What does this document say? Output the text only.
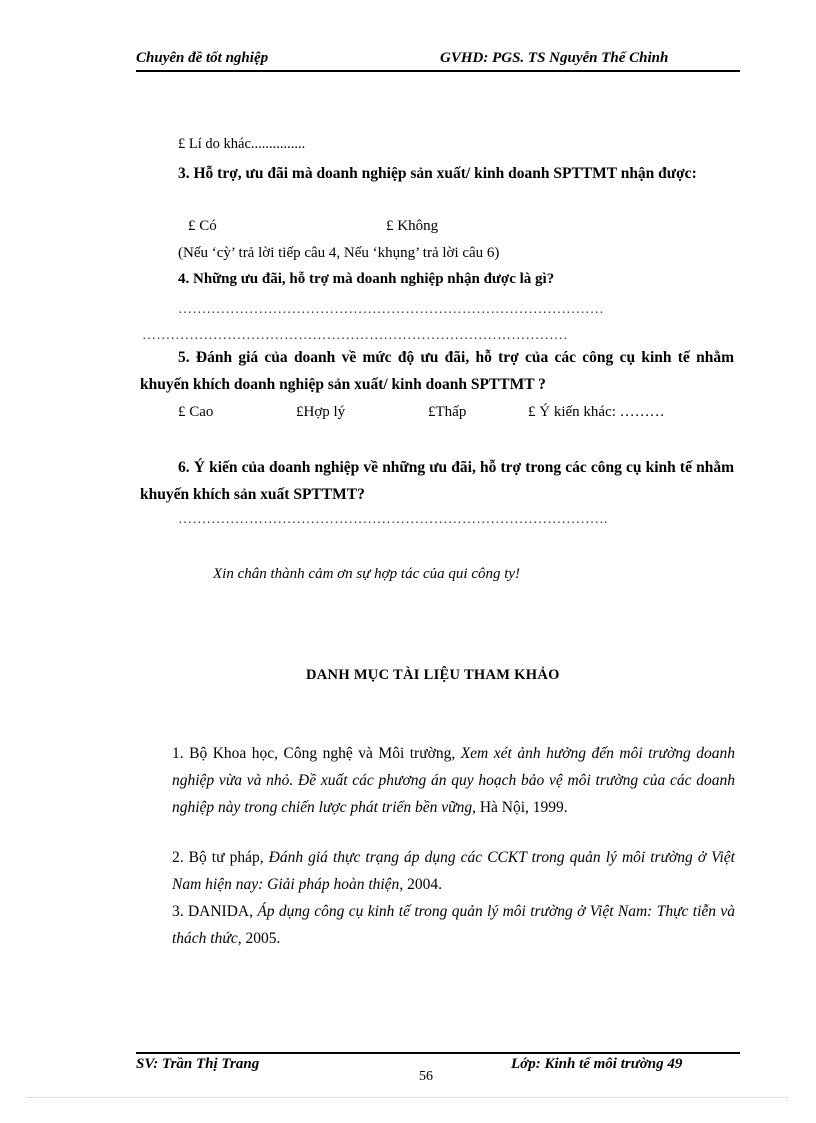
Chuyên đề tốt nghiệp	GVHD: PGS. TS Nguyễn Thế Chinh
£ Lí do khác...............
3. Hỗ trợ, ưu đãi mà doanh nghiệp sản xuất/ kinh doanh SPTTMT nhận được:
£ Có	£ Không
(Nếu ‘cỳ’ trả lời tiếp câu 4, Nếu ‘khụng’ trả lời câu 6)
4. Những ưu đãi, hỗ trợ mà doanh nghiệp nhận được là gì?
………………………………………………………………………………
………………………………………………………………………………
5. Đánh giá của doanh về mức độ ưu đãi, hỗ trợ của các công cụ kinh tế nhằm khuyến khích doanh nghiệp sản xuất/ kinh doanh SPTTMT ?
£ Cao	£Hợp lý	£Thấp	£ Ý kiến khác: ………
6. Ý kiến của doanh nghiệp về những ưu đãi, hỗ trợ trong các công cụ kinh tế nhằm khuyến khích sản xuất SPTTMT?
……………………………………………………………………………….
Xin chân thành cảm ơn sự hợp tác của qui công ty!
DANH MỤC TÀI LIỆU THAM KHẢO
1. Bộ Khoa học, Công nghệ và Môi trường, Xem xét ảnh hưởng đến môi trường doanh nghiệp vừa và nhỏ. Đề xuất các phương án quy hoạch bảo vệ môi trường của các doanh nghiệp này trong chiến lược phát triển bền vững, Hà Nội, 1999.
2. Bộ tư pháp, Đánh giá thực trạng áp dụng các CCKT trong quản lý môi trường ở Việt Nam hiện nay: Giải pháp hoàn thiện, 2004.
3. DANIDA, Áp dụng công cụ kinh tế trong quản lý môi trường ở Việt Nam: Thực tiễn và thách thức, 2005.
SV: Trần Thị Trang	Lớp: Kinh tế môi trường 49
56
